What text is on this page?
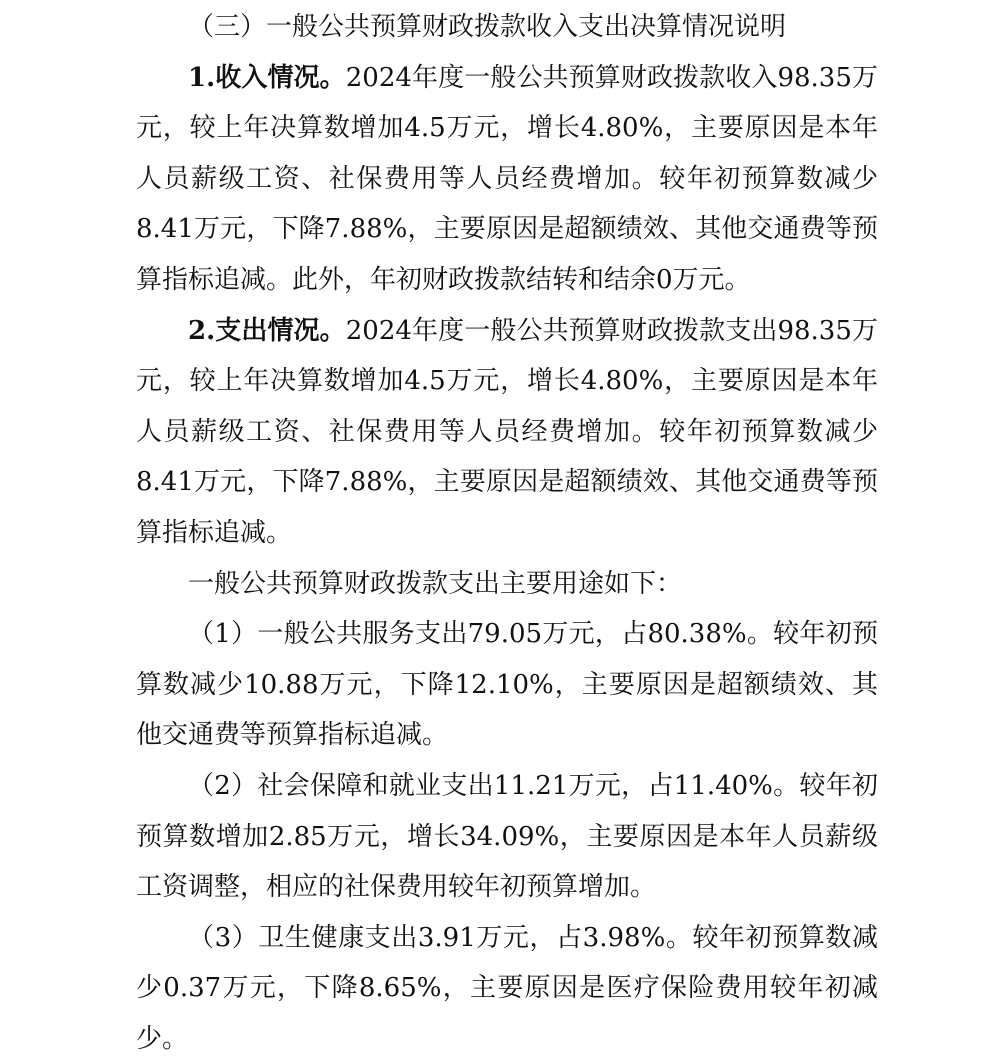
（三）一般公共预算财政拨款收入支出决算情况说明

1.收入情况。2024年度一般公共预算财政拨款收入98.35万元，较上年决算数增加4.5万元，增长4.80%，主要原因是本年人员薪级工资、社保费用等人员经费增加。较年初预算数减少8.41万元，下降7.88%，主要原因是超额绩效、其他交通费等预算指标追减。此外，年初财政拨款结转和结余0万元。

2.支出情况。2024年度一般公共预算财政拨款支出98.35万元，较上年决算数增加4.5万元，增长4.80%，主要原因是本年人员薪级工资、社保费用等人员经费增加。较年初预算数减少8.41万元，下降7.88%，主要原因是超额绩效、其他交通费等预算指标追减。

一般公共预算财政拨款支出主要用途如下：

（1）一般公共服务支出79.05万元，占80.38%。较年初预算数减少10.88万元，下降12.10%，主要原因是超额绩效、其他交通费等预算指标追减。

（2）社会保障和就业支出11.21万元，占11.40%。较年初预算数增加2.85万元，增长34.09%，主要原因是本年人员薪级工资调整，相应的社保费用较年初预算增加。

（3）卫生健康支出3.91万元，占3.98%。较年初预算数减少0.37万元，下降8.65%，主要原因是医疗保险费用较年初减少。
